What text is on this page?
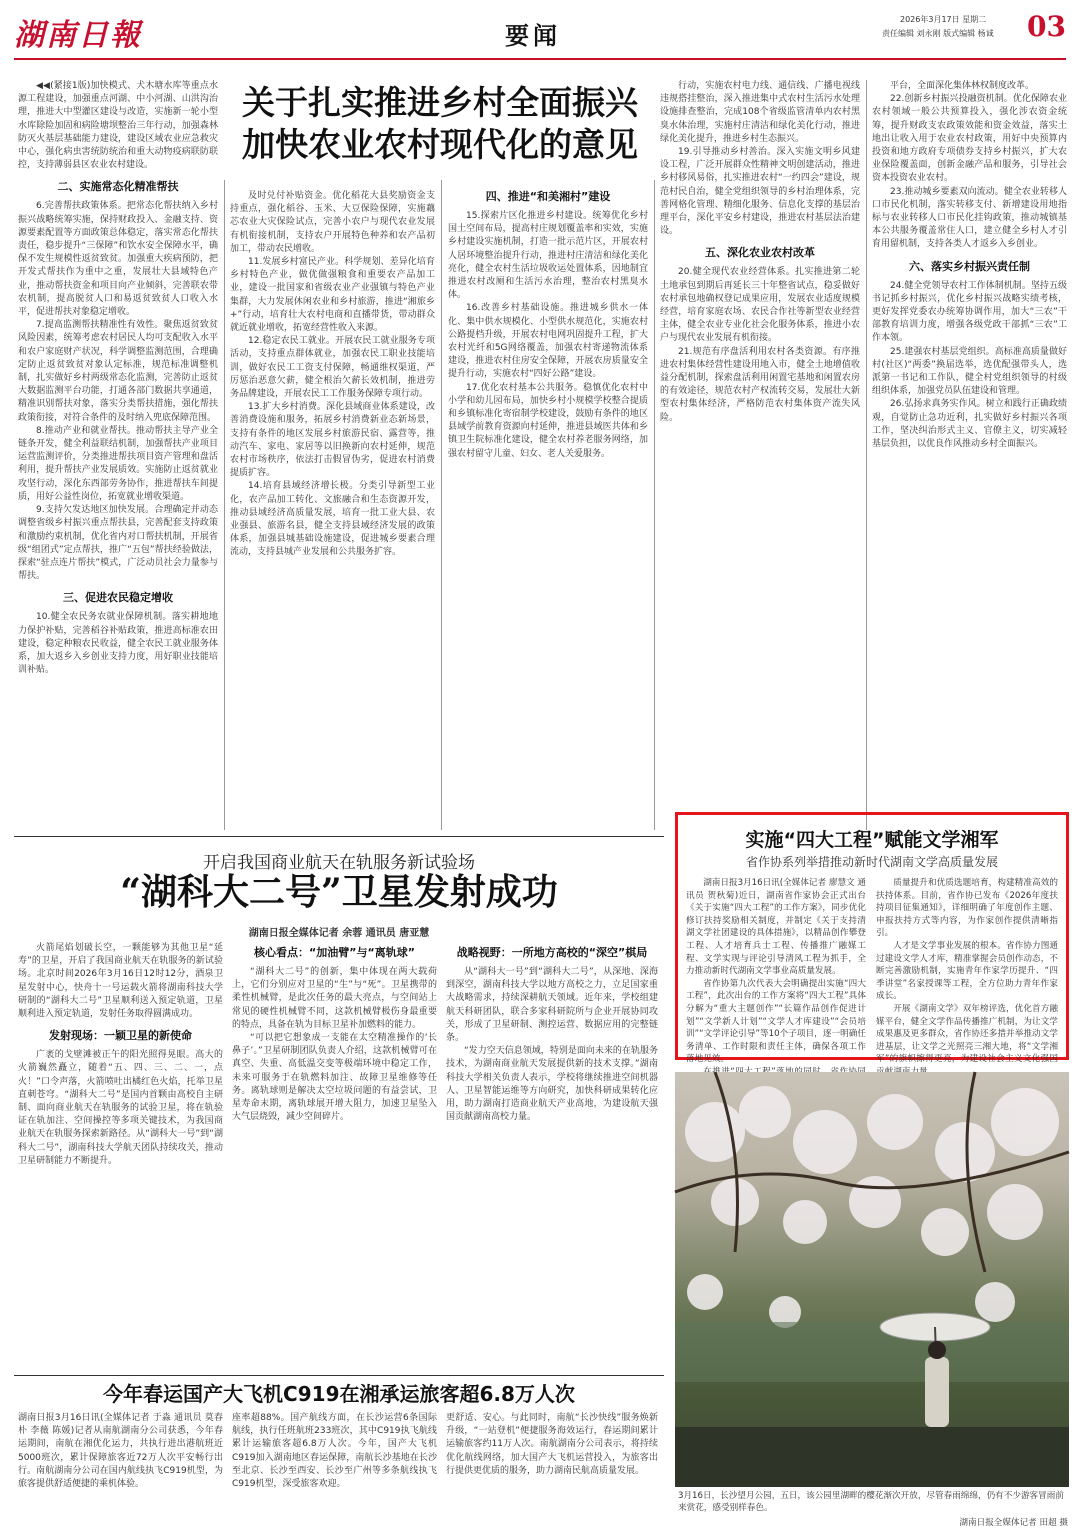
湖南日報	要闻
2026年3月17日 星期二
责任编辑 刘永刚 版式编辑 杨诚 03
关于扎实推进乡村全面振兴
加快农业农村现代化的意见

◀◀(紧接1版)加快模式、犬木塘水库等重点水源工程建设，加强重点河湖、中小河湖、山洪沟治理，推进大中型灌区建设与改造，实施新一轮小型水库除险加固和病险塘坝整治三年行动，加强森林防灭火基层基础能力建设，建设区域农业应急救灾中心，强化病虫害统防统治和重大动物疫病联防联控，支持薄弱县区农业农村建设。

二、实施常态化精准帮扶

6.完善帮扶政策体系。把常态化帮扶纳入乡村振兴战略统筹实施，保持财政投入、金融支持、资源要素配置等方面政策总体稳定，落实常态化帮扶责任，稳步提升“三保障”和饮水安全保障水平，确保不发生规模性返贫致贫。加强重大疾病预防，把开发式帮扶作为重中之重，发展壮大县域特色产业，推动帮扶资金和项目向产业倾斜，完善联农带农机制，提高脱贫人口和易返贫致贫人口收入水平，促进帮扶对象稳定增收。

7.提高监测帮扶精准性有效性。聚焦返贫致贫风险因素，统筹考虑农村居民人均可支配收入水平和农户家庭财产状况，科学调整监测范围，合理确定防止返贫致贫对象认定标准，规范标准调整机制，扎实做好乡村两级常态化监测，完善防止返贫大数据监测平台功能，打通各部门数据共享通道，精准识别帮扶对象，落实分类帮扶措施，强化帮扶政策衔接，对符合条件的及时纳入兜底保障范围。

8.推动产业和就业帮扶。推动帮扶主导产业全链条开发，健全利益联结机制，加强帮扶产业项目运营监测评价，分类推进帮扶项目资产管理和盘活利用，提升帮扶产业发展质效。实施防止返贫就业攻坚行动，深化东西部劳务协作，推进帮扶车间提质，用好公益性岗位，拓宽就业增收渠道。

9.支持欠发达地区加快发展。合理确定并动态调整省级乡村振兴重点帮扶县，完善配套支持政策和激励约束机制，优化省内对口帮扶机制，开展省级“组团式”定点帮扶，推广“五包”帮扶经验做法，探索“驻点连片帮扶”模式，广泛动员社会力量参与帮扶。

三、促进农民稳定增收

10.健全农民务农就业保障机制。落实耕地地力保护补贴，完善稻谷补贴政策，推进高标准农田建设，稳定种粮农民收益，健全农民工就业服务体系，加大返乡入乡创业支持力度，用好职业技能培训补贴。

及时兑付补贴资金。优化稻花大县奖励资金支持重点，强化稻谷、玉米、大豆保险保障，实施藕芯农业大灾保险试点，完善小农户与现代农业发展有机衔接机制，支持农户开展特色种养和农产品初加工，带动农民增收。

11.发展乡村富民产业。科学规划、差异化培育乡村特色产业，做优做强粮食和重要农产品加工业，建设一批国家和省级农业产业强镇与特色产业集群，大力发展休闲农业和乡村旅游，推进“湘旅乡+”行动，培育壮大农村电商和直播带货，带动群众就近就业增收，拓宽经营性收入来源。

12.稳定农民工就业。开展农民工就业服务专项活动，支持重点群体就业，加强农民工职业技能培训，做好农民工工资支付保障，畅通维权渠道，严厉惩治恶意欠薪，健全根治欠薪长效机制，推进劳务品牌建设，开展农民工工作服务保障专项行动。

13.扩大乡村消费。深化县域商业体系建设，改善消费设施和服务，拓展乡村消费新业态新场景，支持有条件的地区发展乡村旅游民宿、露营等，推动汽车、家电、家居等以旧换新向农村延伸，规范农村市场秩序，依法打击假冒伪劣，促进农村消费提质扩容。

14.培育县域经济增长极。分类引导新型工业化，农产品加工转化、文旅融合和生态资源开发，推动县域经济高质量发展，培育一批工业大县、农业强县、旅游名县，健全支持县域经济发展的政策体系，加强县城基础设施建设，促进城乡要素合理流动，支持县城产业发展和公共服务扩容。

四、推进“和美湘村”建设

15.探索片区化推进乡村建设。统筹优化乡村国土空间布局，提高村庄规划覆盖率和实效，实施乡村建设实施机制，打造一批示范片区，开展农村人居环境整治提升行动，推进村庄清洁和绿化美化亮化，健全农村生活垃圾收运处置体系，因地制宜推进农村改厕和生活污水治理，整治农村黑臭水体。

16.改善乡村基础设施。推进城乡供水一体化、集中供水规模化、小型供水规范化，实施农村公路提档升级，开展农村电网巩固提升工程，扩大农村光纤和5G网络覆盖，加强农村寄递物流体系建设，推进农村住房安全保障，开展农房质量安全提升行动，实施农村“四好公路”建设。

17.优化农村基本公共服务。稳慎优化农村中小学和幼儿园布局，加快乡村小规模学校整合提质和乡镇标准化寄宿制学校建设，鼓励有条件的地区县域学前教育资源向村延伸，推进县域医共体和乡镇卫生院标准化建设，健全农村养老服务网络，加强农村留守儿童、妇女、老人关爱服务。

行动，实施农村电力线、通信线、广播电视线违规搭挂整治，深入推进集中式农村生活污水处理设施排查整治，完成108个省级监管清单内农村黑臭水体治理，实施村庄清洁和绿化美化行动，推进绿化美化提升，推进乡村生态振兴。

19.引导推动乡村善治。深入实施文明乡风建设工程，广泛开展群众性精神文明创建活动，推进乡村移风易俗，扎实推进农村“一约四会”建设，规范村民自治，健全党组织领导的乡村治理体系，完善网格化管理、精细化服务、信息化支撑的基层治理平台，深化平安乡村建设，推进农村基层法治建设。

五、深化农业农村改革

20.健全现代农业经营体系。扎实推进第二轮土地承包到期后再延长三十年整省试点，稳妥做好农村承包地确权登记成果应用，发展农业适度规模经营，培育家庭农场、农民合作社等新型农业经营主体，健全农业专业化社会化服务体系，推进小农户与现代农业发展有机衔接。

21.规范有序盘活利用农村各类资源。有序推进农村集体经营性建设用地入市，健全土地增值收益分配机制，探索盘活利用闲置宅基地和闲置农房的有效途径，规范农村产权流转交易，发展壮大新型农村集体经济，严格防范农村集体资产流失风险。

平台，全面深化集体林权制度改革。

22.创新乡村振兴投融资机制。优化保障农业农村领域一般公共预算投入，强化涉农资金统筹，提升财政支农政策效能和资金效益，落实土地出让收入用于农业农村政策，用好中央预算内投资和地方政府专项债券支持乡村振兴，扩大农业保险覆盖面，创新金融产品和服务，引导社会资本投资农业农村。

23.推动城乡要素双向流动。健全农业转移人口市民化机制，落实转移支付、新增建设用地指标与农业转移人口市民化挂钩政策，推动城镇基本公共服务覆盖常住人口，建立健全乡村人才引育用留机制，支持各类人才返乡入乡创业。

六、落实乡村振兴责任制

24.健全党领导农村工作体制机制。坚持五级书记抓乡村振兴，优化乡村振兴战略实绩考核，更好发挥党委农办统筹协调作用，加大“三农”干部教育培训力度，增强各级党政干部抓“三农”工作本领。

25.建强农村基层党组织。高标准高质量做好村(社区)“两委”换届选举，选优配强带头人，选派第一书记和工作队，健全村党组织领导的村级组织体系，加强党员队伍建设和管理。

26.弘扬求真务实作风。树立和践行正确政绩观，自觉防止急功近利，扎实做好乡村振兴各项工作，坚决纠治形式主义、官僚主义，切实减轻基层负担，以优良作风推动乡村全面振兴。

开启我国商业航天在轨服务新试验场
“湖科大二号”卫星发射成功
湖南日报全媒体记者 余蓉 通讯员 唐亚慧

火箭尾焰划破长空，一颗能够为其他卫星“延寿”的卫星，开启了我国商业航天在轨服务的新试验场。北京时间2026年3月16日12时12分，酒泉卫星发射中心，快舟十一号运载火箭将湖南科技大学研制的“湖科大二号”卫星顺利送入预定轨道，卫星顺利进入预定轨道，发射任务取得圆满成功。

发射现场：一颖卫星的新使命

广袤的戈壁滩被正午的阳光照得晃眼。高大的火箭巍然矗立，随着“五、四、三、二、一，点火！”口令声落，火箭喷吐出橘红色火焰，托举卫星直刺苍穹。“湖科大二号”是国内首颗由高校自主研制、面向商业航天在轨服务的试验卫星，将在轨验证在轨加注、空间操控等多项关键技术，为我国商业航天在轨服务探索新路径。从“湖科大一号”到“湖科大二号”，湖南科技大学航天团队持续攻关，推动卫星研制能力不断提升。

核心看点：“加油臂”与“离轨球”

“湖科大二号”的创新，集中体现在两大载荷上，它们分别应对卫星的“生”与“死”。卫星携带的柔性机械臂，是此次任务的最大亮点，与空间站上常见的硬性机械臂不同，这款机械臂极伤身最重要的特点，具备在轨为目标卫星补加燃料的能力。

“可以把它想象成一支能在太空精准操作的‘长鼻子’。”卫星研制团队负责人介绍，这款机械臂可在真空、失重、高低温交变等极端环境中稳定工作，未来可服务于在轨燃料加注、故障卫星维修等任务。离轨球则是解决太空垃圾问题的有益尝试，卫星寿命末期，离轨球展开增大阻力，加速卫星坠入大气层烧毁，减少空间碎片。

战略视野：一所地方高校的“深空”棋局

从“湖科大一号”到“湖科大二号”，从深地、深海到深空，湖南科技大学以地方高校之力，立足国家重大战略需求，持续深耕航天领域。近年来，学校组建航天科研团队，联合多家科研院所与企业开展协同攻关，形成了卫星研制、测控运营、数据应用的完整链条。

“发力空天信息领域，特别是面向未来的在轨服务技术，为湖南商业航天发展提供新的技术支撑。”湖南科技大学相关负责人表示，学校将继续推进空间机器人、卫星智能运维等方向研究，加快科研成果转化应用，助力湖南打造商业航天产业高地，为建设航天强国贡献湖南高校力量。

实施“四大工程”赋能文学湘军
省作协系列举措推动新时代湖南文学高质量发展

湖南日报3月16日讯(全媒体记者 廖慧文 通讯员 贺秋菊)近日，湖南省作家协会正式出台《关于实施“四大工程”的工作方案》，同步优化修订扶持奖励相关制度，并制定《关于支持清湖文学社团建设的具体措施》，以精品创作攀登工程、人才培育兵士工程、传播推广融媒工程、文学实现与评论引导清风工程为抓手，全力推动新时代湖南文学事业高质量发展。

省作协第九次代表大会明确提出实施“四大工程”，此次出台的工作方案将“四大工程”具体分解为“重大主题创作”“长篇作品创作促进计划”“文学新人计划”“文学人才库建设”“会员培训”“文学评论引导”等10个子项目，逐一明确任务清单、工作时限和责任主体，确保各项工作落地见效。

质量提升和优质选题培育，构建精准高效的扶持体系。目前，省作协已发布《2026年度扶持项目征集通知》，详细明确了年度创作主题、申报扶持方式等内容，为作家创作提供清晰指引。

人才是文学事业发展的根本。省作协力图通过建设文学人才库，精准掌握会员创作动态，不断完善激励机制，实施青年作家学历提升、“四季讲堂”名家授课等工程，全方位助力青年作家成长。

开展《湖南文学》双年榜评选，优化首方融媒平台，健全文学作品传播推广机制，为让文学成果惠及更多群众，省作协还多措并举推动文学进基层，让文学之光照亮三湘大地，将“文学湘军”的旗帜擦得更亮，为建设社会主义文化强国

3月16日，长沙望月公园，五日，该公园里湖畔的樱花渐次开放，尽管春雨绵绵，仍有不少游客冒雨前来赏花，感受别样春色。
湖南日报全媒体记者 田超 摄
今年春运国产大飞机C919在湘承运旅客超6.8万人次

湖南日报3月16日讯(全媒体记者 于淼 通讯员 莫春朴 李薇 陈媛)记者从南航湖南分公司获悉，今年春运期间，南航在湘优化运力，共执行进出港航班近5000班次，累计保障旅客近72万人次平安畅行出行。南航湖南分公司在国内航线执飞C919机型，为旅客提供舒适便捷的乘机体验。

座率超88%。国产航线方面，在长沙运营6条国际航线，执行任班航班233班次，其中C919执飞航线累计运输旅客超6.8万人次。今年，国产大飞机C919加入湖南地区春运保障，南航长沙基地在长沙至北京、长沙至西安、长沙至广州等多条航线执飞C919机型，深受旅客欢迎。

更舒适、安心。与此同时，南航“长沙快线”服务焕新升级，“一站登机”便捷服务海效运行，春运期间累计运输旅客约11万人次。南航湖南分公司表示，将持续优化航线网络，加大国产大飞机运营投入，为旅客出行提供更优质的服务，助力湖南民航高质量发展。
